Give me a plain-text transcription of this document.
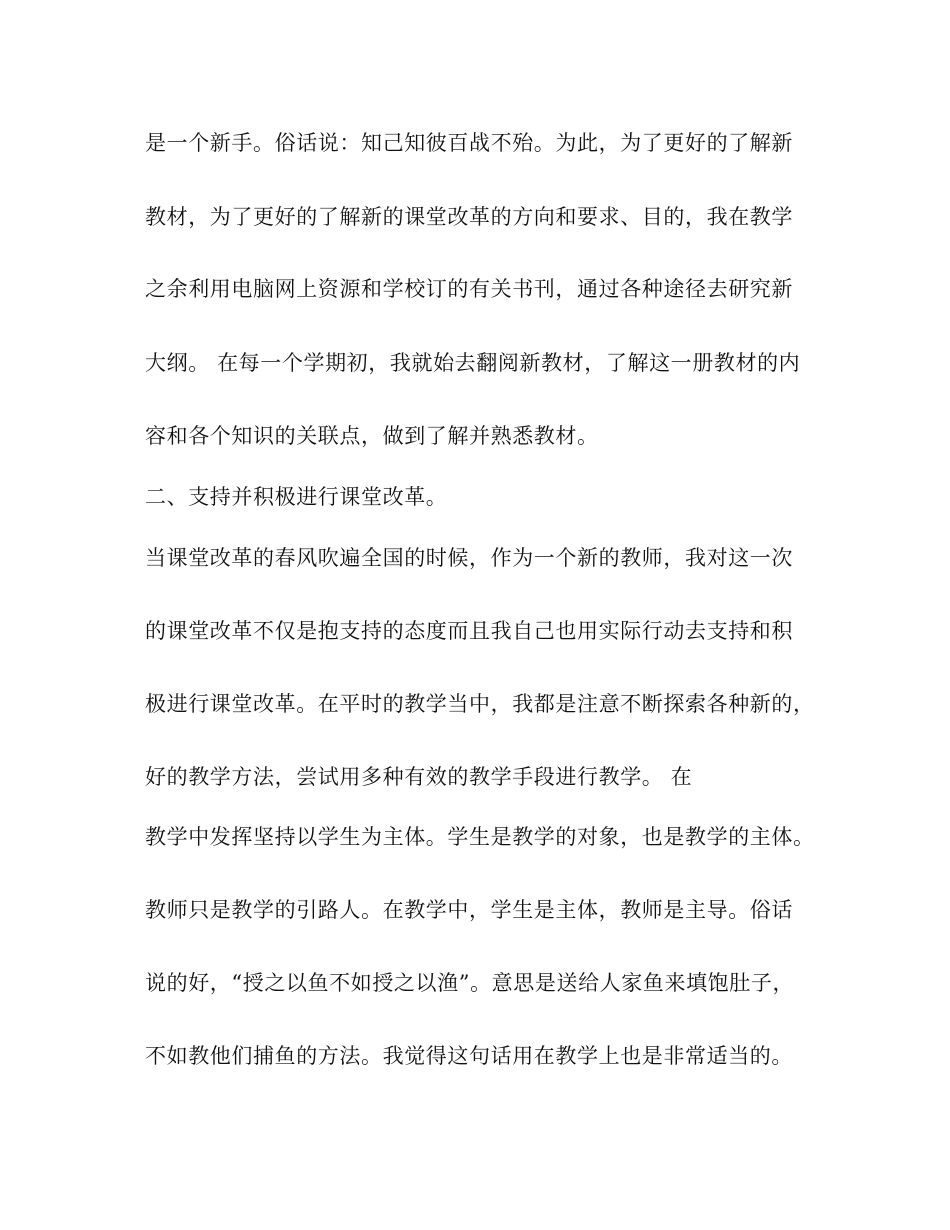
是一个新手。俗话说：知己知彼百战不殆。为此，为了更好的了解新
教材，为了更好的了解新的课堂改革的方向和要求、目的，我在教学
之余利用电脑网上资源和学校订的有关书刊，通过各种途径去研究新
大纲。 在每一个学期初，我就始去翻阅新教材，了解这一册教材的内
容和各个知识的关联点，做到了解并熟悉教材。
二、支持并积极进行课堂改革。
当课堂改革的春风吹遍全国的时候，作为一个新的教师，我对这一次
的课堂改革不仅是抱支持的态度而且我自己也用实际行动去支持和积
极进行课堂改革。在平时的教学当中，我都是注意不断探索各种新的，
好的教学方法，尝试用多种有效的教学手段进行教学。 在
教学中发挥坚持以学生为主体。学生是教学的对象，也是教学的主体。
教师只是教学的引路人。在教学中，学生是主体，教师是主导。俗话
说的好，“授之以鱼不如授之以渔”。意思是送给人家鱼来填饱肚子，
不如教他们捕鱼的方法。我觉得这句话用在教学上也是非常适当的。
